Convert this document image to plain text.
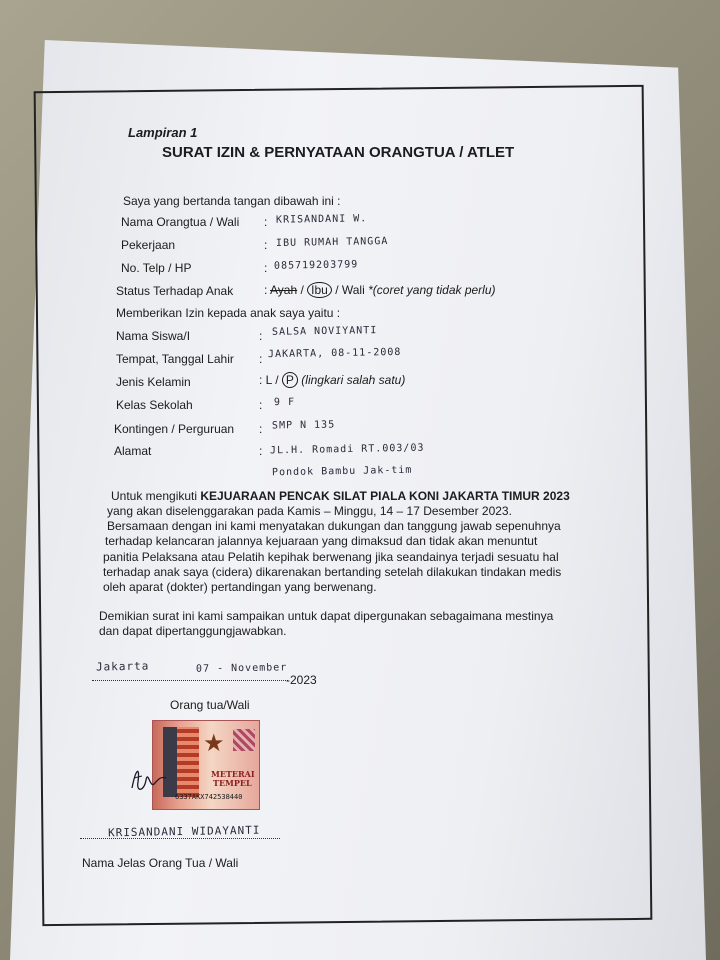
Lampiran 1
SURAT IZIN & PERNYATAAN ORANGTUA / ATLET
Saya yang bertanda tangan dibawah ini :
Nama Orangtua / Wali : KRISANDANI W.
Pekerjaan	: IBU RUMAH TANGGA
No. Telp / HP	: 085719203799
Status Terhadap Anak	: Ayah / Ibu / Wali *(coret yang tidak perlu)
Memberikan Izin kepada anak saya yaitu :
Nama Siswa/I	: SALSA NOVIYANTI
Tempat, Tanggal Lahir : JAKARTA, 08-11-2008
Jenis Kelamin	: L / P (lingkari salah satu)
Kelas Sekolah	: 9 F
Kontingen / Perguruan : SMP N 135
Alamat	: JL.H. Romadi RT.003/03
Pondok Bambu Jak-tim
Untuk mengikuti KEJUARAAN PENCAK SILAT PIALA KONI JAKARTA TIMUR 2023
yang akan diselenggarakan pada Kamis – Minggu, 14 – 17 Desember 2023.
Bersamaan dengan ini kami menyatakan dukungan dan tanggung jawab sepenuhnya
terhadap kelancaran jalannya kejuaraan yang dimaksud dan tidak akan menuntut
panitia Pelaksana atau Pelatih kepihak berwenang jika seandainya terjadi sesuatu hal
terhadap anak saya (cidera) dikarenakan bertanding setelah dilakukan tindakan medis
oleh aparat (dokter) pertandingan yang berwenang.
Demikian surat ini kami sampaikan untuk dapat dipergunakan sebagaimana mestinya
dan dapat dipertanggungjawabkan.
Jakarta	07 - November
-2023
Orang tua/Wali
★
METERAI
TEMPEL
6337AKX742538440
KRISANDANI WIDAYANTI
Nama Jelas Orang Tua / Wali
